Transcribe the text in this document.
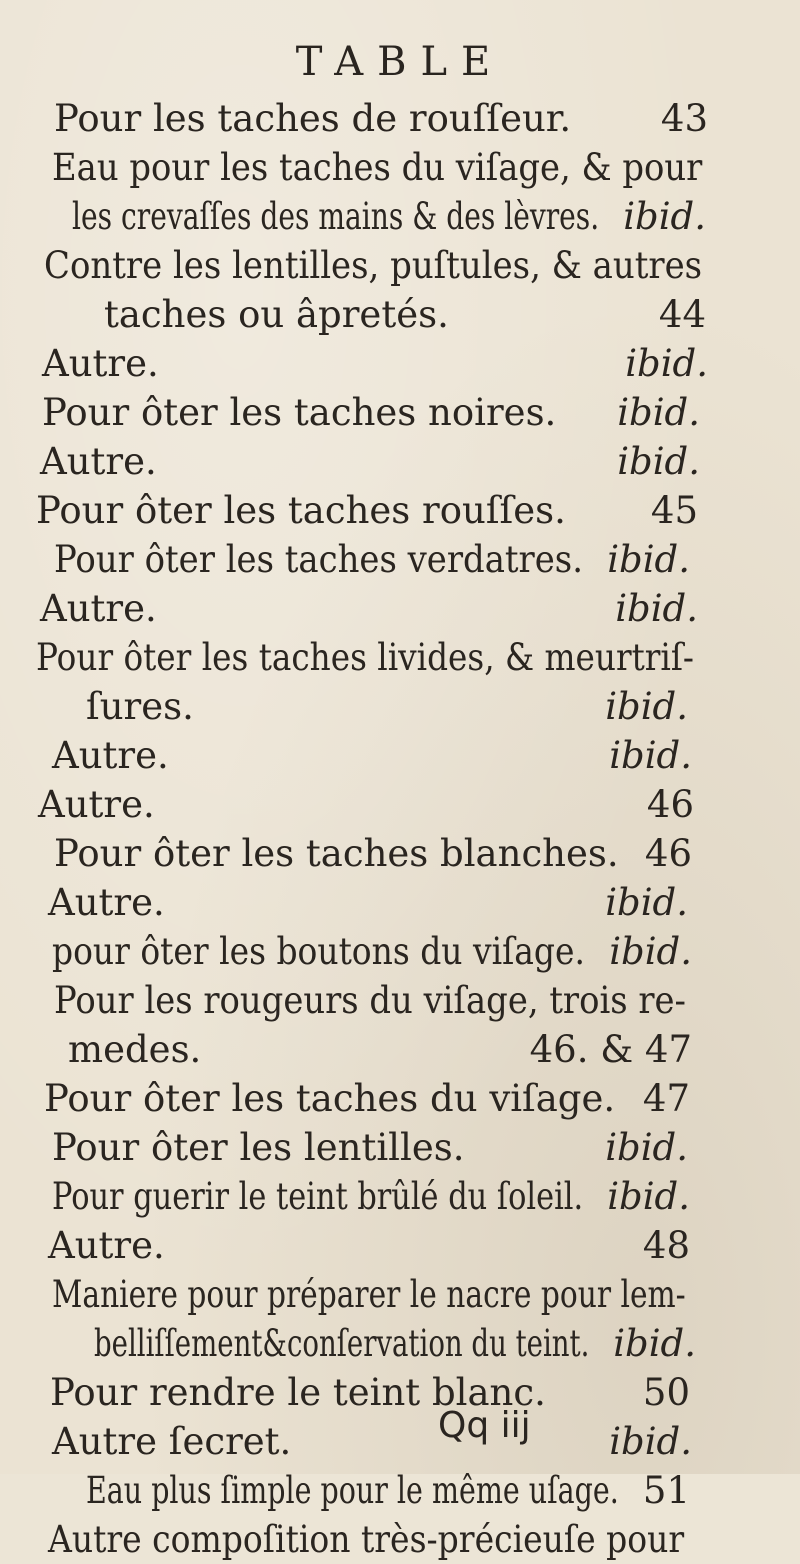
TABLE
Pour les taches de rouſſeur. 43
Eau pour les taches du viſage, & pour
les crevaſſes des mains & des lèvres. ibid.
Contre les lentilles, puſtules, & autres
taches ou âpretés.	44
Autre.	ibid.
Pour ôter les taches noires. ibid.
Autre.	ibid.
Pour ôter les taches rouſſes. 45
Pour ôter les taches verdatres. ibid.
Autre.	ibid.
Pour ôter les taches livides, & meurtriſ-
ſures.	ibid.
Autre.	ibid.
Autre.	46
Pour ôter les taches blanches. 46
Autre.	ibid.
pour ôter les boutons du viſage. ibid.
Pour les rougeurs du viſage, trois re-
medes.	46. & 47
Pour ôter les taches du viſage. 47
Pour ôter les lentilles.	ibid.
Pour guerir le teint brûlé du ſoleil. ibid.
Autre.	48
Maniere pour préparer le nacre pour lem-
belliſſement&conſervation du teint. ibid.
Pour rendre le teint blanc.	50
Autre ſecret.	ibid.
Eau plus ſimple pour le même uſage. 51
Autre compoſition très-précieuſe pour
Qq iij
